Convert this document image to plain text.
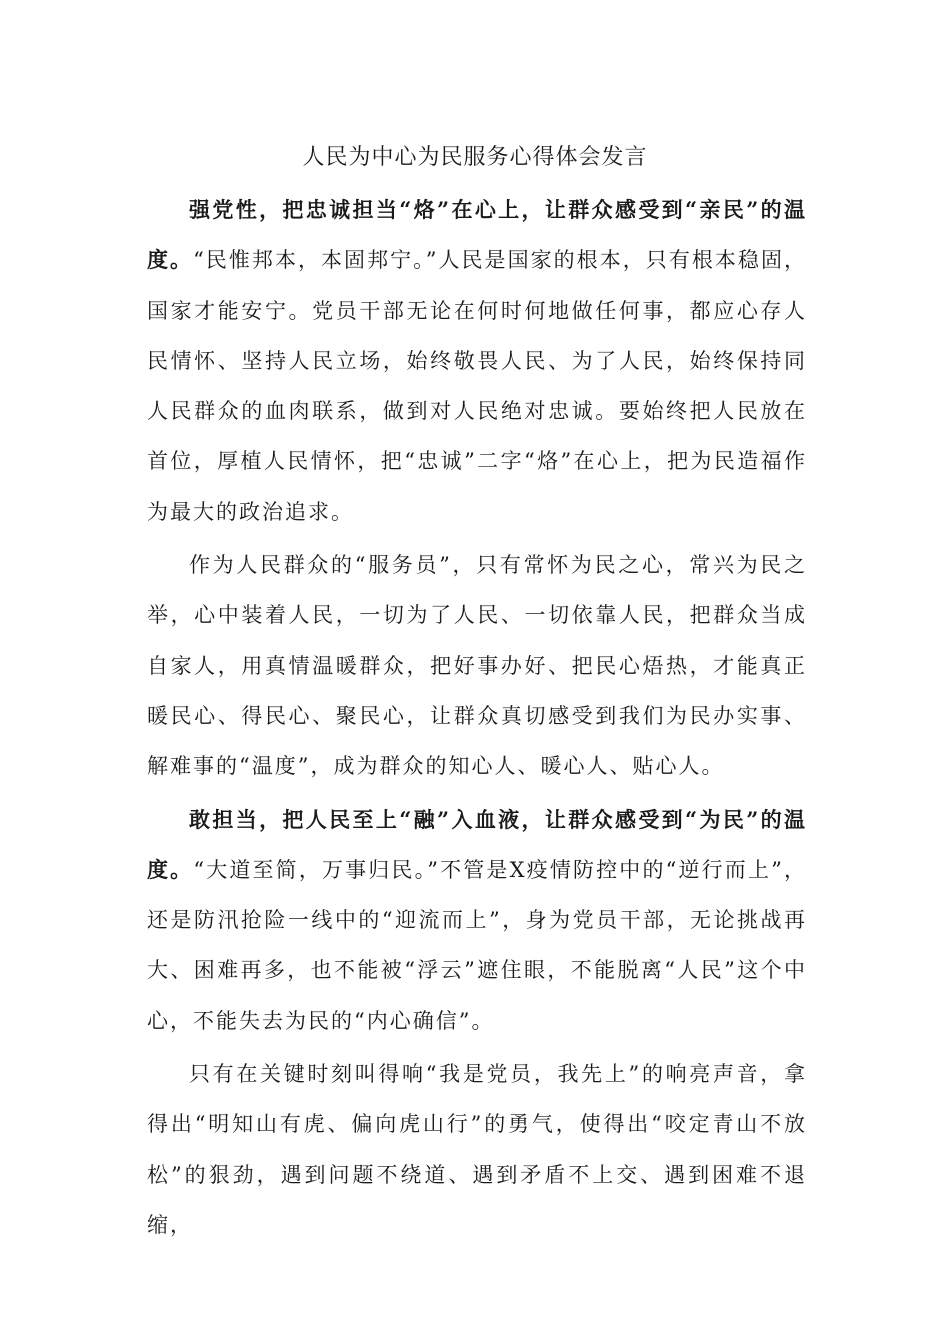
人民为中心为民服务心得体会发言

强党性，把忠诚担当“烙”在心上，让群众感受到“亲民”的温度。“民惟邦本，本固邦宁。”人民是国家的根本，只有根本稳固，国家才能安宁。党员干部无论在何时何地做任何事，都应心存人民情怀、坚持人民立场，始终敬畏人民、为了人民，始终保持同人民群众的血肉联系，做到对人民绝对忠诚。要始终把人民放在首位，厚植人民情怀，把“忠诚”二字“烙”在心上，把为民造福作为最大的政治追求。

作为人民群众的“服务员”，只有常怀为民之心，常兴为民之举，心中装着人民，一切为了人民、一切依靠人民，把群众当成自家人，用真情温暖群众，把好事办好、把民心焐热，才能真正暖民心、得民心、聚民心，让群众真切感受到我们为民办实事、解难事的“温度”，成为群众的知心人、暖心人、贴心人。

敢担当，把人民至上“融”入血液，让群众感受到“为民”的温度。“大道至简，万事归民。”不管是X疫情防控中的“逆行而上”，还是防汛抢险一线中的“迎流而上”，身为党员干部，无论挑战再大、困难再多，也不能被“浮云”遮住眼，不能脱离“人民”这个中心，不能失去为民的“内心确信”。

只有在关键时刻叫得响“我是党员，我先上”的响亮声音，拿得出“明知山有虎、偏向虎山行”的勇气，使得出“咬定青山不放松”的狠劲，遇到问题不绕道、遇到矛盾不上交、遇到困难不退缩，
